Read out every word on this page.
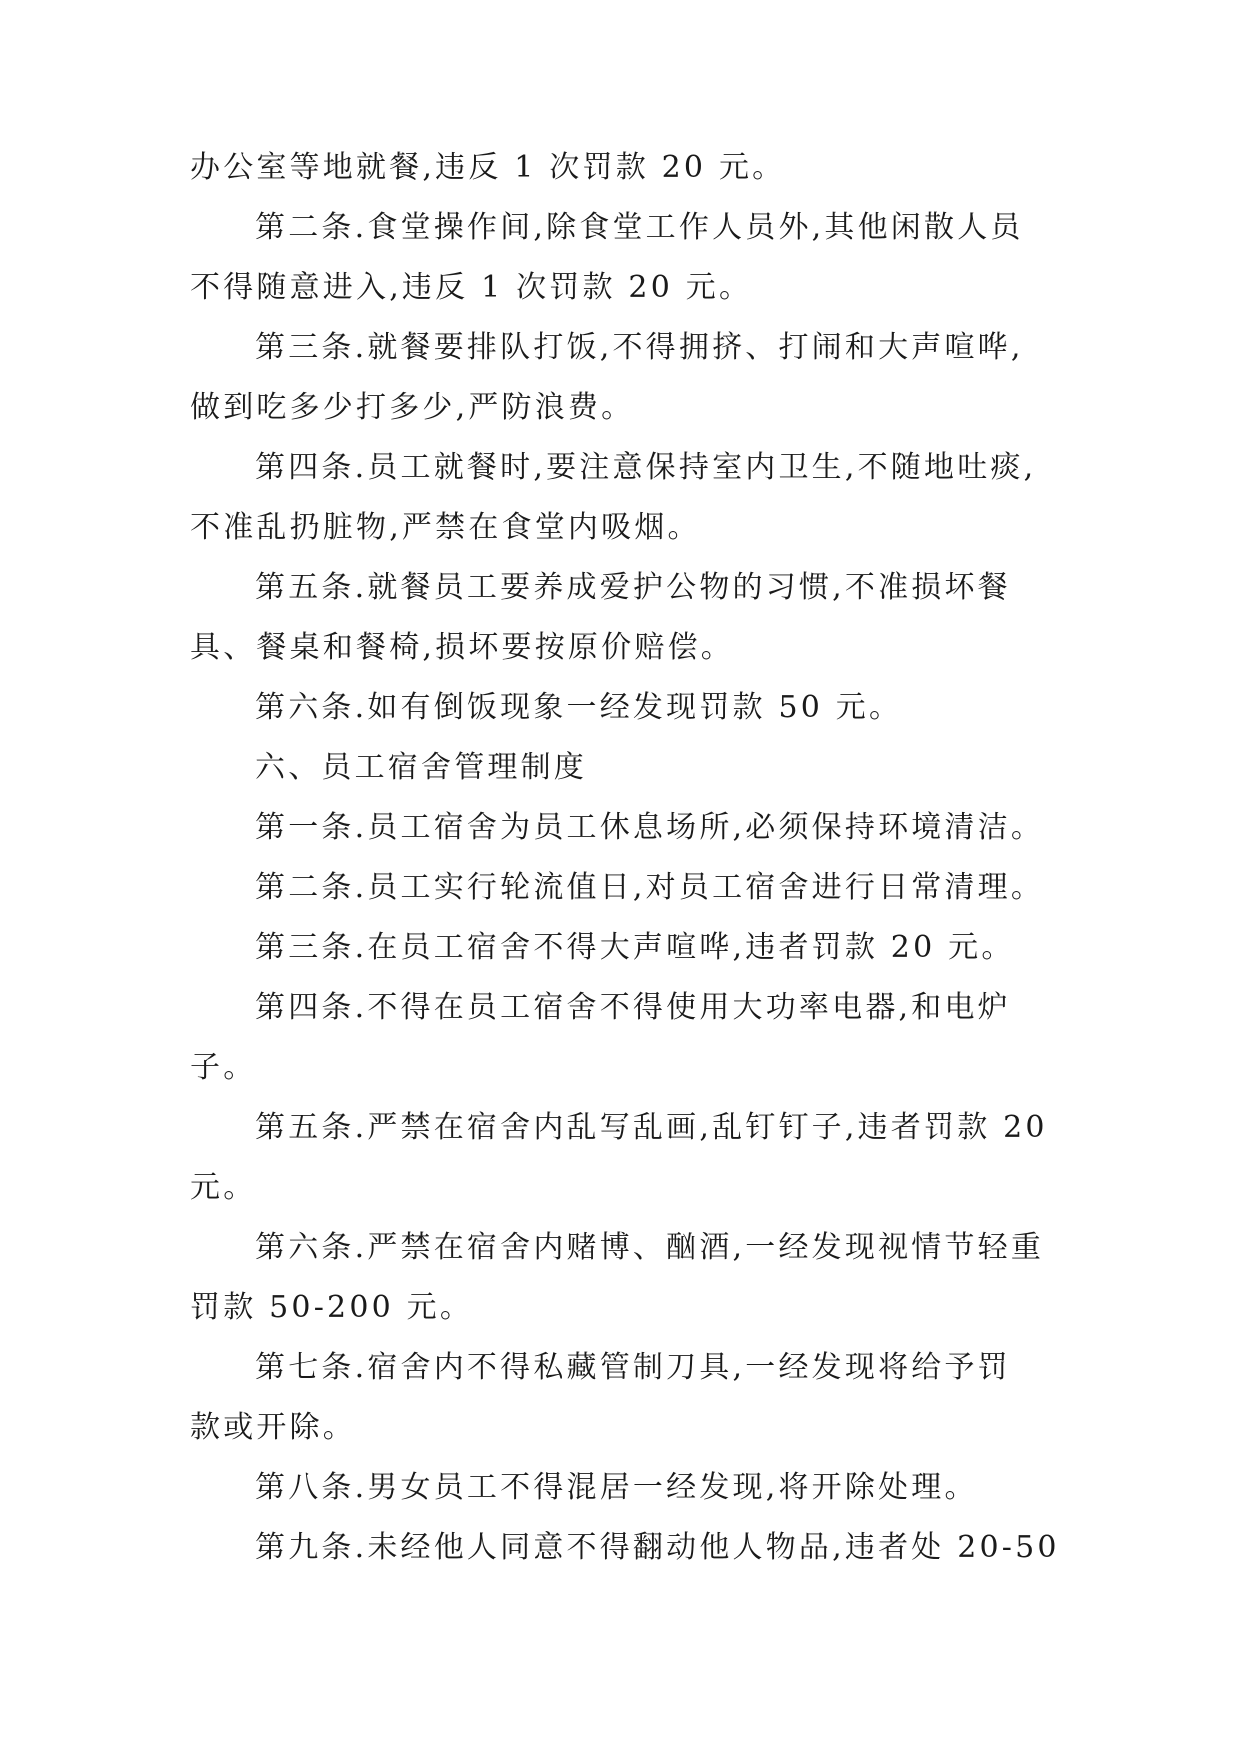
办公室等地就餐,违反 1 次罚款 20 元。
第二条.食堂操作间,除食堂工作人员外,其他闲散人员
不得随意进入,违反 1 次罚款 20 元。
第三条.就餐要排队打饭,不得拥挤、打闹和大声喧哗,
做到吃多少打多少,严防浪费。
第四条.员工就餐时,要注意保持室内卫生,不随地吐痰,
不准乱扔脏物,严禁在食堂内吸烟。
第五条.就餐员工要养成爱护公物的习惯,不准损坏餐
具、餐桌和餐椅,损坏要按原价赔偿。
第六条.如有倒饭现象一经发现罚款 50 元。
六、员工宿舍管理制度
第一条.员工宿舍为员工休息场所,必须保持环境清洁。
第二条.员工实行轮流值日,对员工宿舍进行日常清理。
第三条.在员工宿舍不得大声喧哗,违者罚款 20 元。
第四条.不得在员工宿舍不得使用大功率电器,和电炉
子。
第五条.严禁在宿舍内乱写乱画,乱钉钉子,违者罚款 20
元。
第六条.严禁在宿舍内赌博、酗酒,一经发现视情节轻重
罚款 50-200 元。
第七条.宿舍内不得私藏管制刀具,一经发现将给予罚
款或开除。
第八条.男女员工不得混居一经发现,将开除处理。
第九条.未经他人同意不得翻动他人物品,违者处 20-50
